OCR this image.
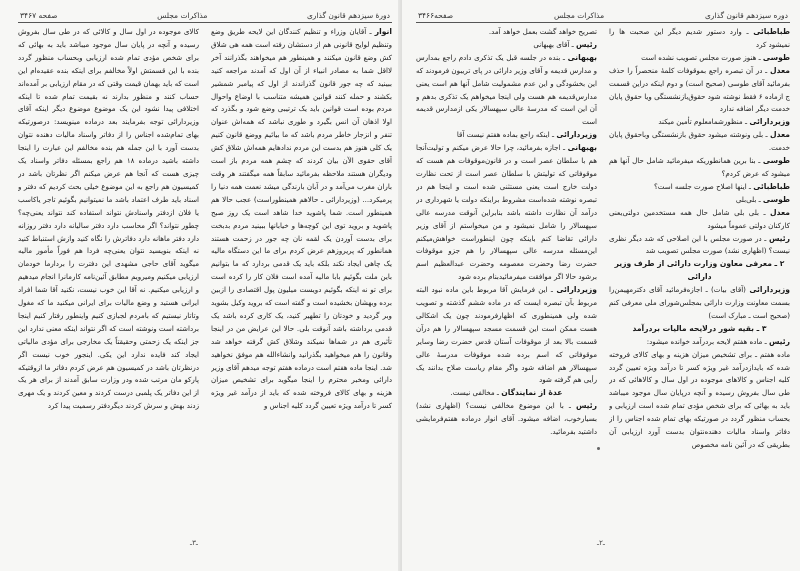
دورهٔ سیزدهم قانون گذاری
مذاکرات مجلس
صفحه ۳۴۶۷

انوار ـ آقایان وزراء و تنظیم کنندگان این لایحه طریق وضع وتنظیم لوایح قانونی هم از دستشان رفته است همه هی شلاق کش وضع قانون میکنند و همینطور هم میخواهند بگذرانند آخر لااقل شما به مصادر انبیاء از آن اول که آمدند مراجعه کنید ببینید که چه جور قانون گذراندند از اول که پیامبر شمشیر بکشند و حمله کنند قوانین همیشه متناسب با اوضاع واحوال مردم بوده است قوانین باید یک ترتیبی وضع شود و بگذرد که اولا اذهان آن انس بگیرد و طوری نباشد که همه‌اش عنوان تنفر و انزجار خاطر مردم باشد که ما بیائیم ووضع قانون کنیم یک کلی هنوز هم بدست این مردم ندادهایم همه‌اش شلاق کش آقای حقوی الآن بیان کردند که چشم همه مردم باز است ودیگران هستند ملاحظه بفرمائید سابقاً همه میگفتند هر وقت باران مغرب می‌آمد و در آبان بارندگی میشد نعمت همه دنیا را پرمیکرد... (وزیردارائی ـ حالاهم همینطوراست) عجب حالا هم همینطور است. شما پاشوید خدا شاهد است یک روز صبح پاشوید و بروید توی این کوچه‌ها و خیابانها ببینید مردم بدبخت برای بدست آوردن یک لقمه نان چه جور در زحمت هستند همانطور که پریروزهم عرض کردم برای ما این دستگاه مالیه یک چاهی ایجاد نکند بلکه باید یک قدمی بردارد که ما بتوانیم باین ملت بگوئیم بابا مالیه آمده است فلان کار را کرده است برای تو نه اینکه بگوئیم دویست میلیون پول اقتصادی را ازبین برده وبهشان بخشیده است و گفته است که بروید وکیل بشوید وبر گردید و خودتان را تطهیر کنید، یک کاری کرده باشد یک قدمی برداشته باشد آنوقت بلی. حالا این عرایض من در اینجا تأثیری هم در شماها نمیکند وشلاق کش گرفته خواهد شد وقانون را هم میخواهید بگذرانید وانشاءالله هم موفق نخواهید شد. اینجا ماده هفتم است درماده هفتم توجه میدهم آقای وزیر دارائی ومخبر محترم را اینجا میگوید برای تشخیص میزان هزینه و بهای کالای فروخته شده که باید از درآمد غیر ویژه کسر تا درآمد ویژه تعیین گردد کلیه اجناس و

کالای موجوده در اول سال و کالائی که در طی سال بفروش رسیده و آنچه در پایان سال موجود میباشد باید به بهائی که برای شخص مؤدی تمام شده ارزیابی وبحساب منظور گردد بنده با این قسمتش اولاً مخالفم برای اینکه بنده عقیده‌ام این است که باید بهمان قیمت وقتی که در مقام ارزیابی بر آمده‌اند حساب کنند و منظور بدارند نه بقیمت تمام شده تا اینکه اختلافی پیدا نشود این یک موضوع موضوع دیگر اینکه آقای وزیردارائی توجه بفرمایند بعد درماده مینویسد: درصورتیکه بهای تمام‌شده اجناس را از دفاتر واسناد مالیات دهنده نتوان بدست آورد با این جمله هم بنده مخالفم این عبارت را اینجا داشته باشید درماده ۱۸ هم راجع بمسئله دفاتر واسناد یک چیزی هست که آنجا هم عرض میکنم اگر نظرتان باشد در کمیسیون هم راجع به این موضوع خیلی بحث کردیم که دفتر و اسناد باید طرف اعتماد باشد ما نمیتوانیم بگوئیم تاجر یاکاسب یا فلان ازدفتر واسنادش نتواند استفاده کند نتواند یعنی‌چه؟ چطور نتواند؟ اگر محاسب دارد دفتر سالیانه دارد دفتر روزانه دارد دفتر ماهانه دارد دفاترش را نگاه کنید وازش استنباط کنید نه اینکه بنویسید نتوان یعنی‌چه فردا هم فوراً مأمور مالیه میگوید آقای حاجی مشهدی این دفترت را بردارما خودمان ارزیابی میکنیم ومیرویم مطابق آئین‌نامه کارمانرا انجام میدهیم و ارزیابی میکنیم. نه آقا این خوب نیست، نکنید آقا شما افراد ایرانی هستید و وضع مالیات برای ایرانی میکنید ما که مغول وتاتار نیستیم که بامردم لجبازی کنیم واینطور رفتار کنیم اینجا برداشته است ونوشته است که اگر نتواند اینکه معنی ندارد این جز اینکه یک زحمتی وحقیقتاً یک مخارجی برای مؤدی مالیاتی ایجاد کند فایده ندارد این یکی. اینجور خوب نیست اگر درنظرتان باشد در کمیسیون هم عرض کردم دفاتر ما ازوقتیکه پارکو مان مرتب شده ودر وزارت سابق آمدند از برای هر یک از این دفاتر یک پلمبی درست کردند و معین کردند و یک مهری زدند بهش و سرش کردند دیگردفتر رسمیت پیدا کرد

ـ۳ـ
دوره سیزدهم قانون گذاری
مذاکرات مجلس
صفحه۳۴۶۶

طباطبائی ـ وارد دستور شدیم دیگر این صحبت ها را نمیشود کرد

طوسی ـ هنوز صورت مجلس تصویب نشده است

معدل ـ در آن تبصره راجع بموقوفات کلمهٔ منحصراً را حذف بفرمائید آقای طوسی (صحیح است) و دوم اینکه دراین قسمت ج ازماده ۶ فقط نوشته شود حقوق‌بازنشستگی ویا حقوق پایان خدمت دیگر اضافه ندارد

وزیردارائی ـ منظورشمامعلوم تأمین میکند

معدل ـ بلی ونوشته میشود حقوق بازنشستگی وباحقوق پایان خدمت.

طوسی ـ بنا برین همانطوریکه میفرمائید شامل حال آنها هم میشود که عرض کردم؟

طباطبائی ـ اینها اصلاح صورت جلسه است؟

طوسی ـ بلی‌بلی

معدل ـ بلی بلی شامل حال همه مستخدمین دولتی‌یعنی کارکنان دولتی عموماً میشود

رئیس ـ در صورت مجلس با این اصلاحی که شد دیگر نظری نیست؟ (اظهاری نشد) صورت مجلس تصویب شد

۲ ـ معرفی معاون وزارت دارائی از طرف وزیر دارائی

وزیردارائی (آقای بیات) ـ اجازه‌فرمائید آقای دکترمهیمن‌را بسمت معاونت وزارت دارائی بمجلس‌شورای ملی معرفی کنم (صحیح است ـ مبارک است)

۳ ـ بقیه شور درلایحه مالیات بردرآمد

رئیس ـ ماده هفتم لایحه بردرآمد خوانده میشود:

ماده هفتم ـ برای تشخیص میزان هزینه و بهای کالای فروخته شده که بایدازدرآمد غیر ویژه کسر تا درآمد ویژه تعیین گردد کلیه اجناس و کالاهای موجوده در اول سال و کالاهائی که در طی سال بفروش رسیده و آنچه درپایان سال موجود میباشد باید به بهائی که برای شخص مؤدی تمام شده است ارزیابی و بحساب منظور گردد در صورتیکه بهای تمام شده اجناس را از دفاتر واسناد مالیات دهنده‌نتوان بدست آورد ارزیابی آن بطریقی که در آئین نامه مخصوص

تصریح خواهد گشت بعمل خواهد آمد.

رئیس ـ آقای بهبهانی

بهبهانی ـ بنده در جلسه قبل یک تذکری دادم راجع بمدارس و مدارس قدیمه و آقای وزیر دارائی در پای تریبون فرمودند که این بخشودگی و این عدم مشمولیت شامل آنها هم است یعنی مدارس‌قدیمه هم هست ولی اینجا میخواهم یک تذکری بدهم و آن این است که مدرسهٔ عالی سپهسالار یکی ازمدارس قدیمه است

وزیردارائی ـ اینکه راجع بماده هفتم نیست آقا

بهبهانی ـ اجازه بفرمائید، چرا حالا عرض میکنم و تولیت‌آنجا هم با سلطان عصر است و در قانون‌موقوفات هم هست که موقوفاتی که تولیتش با سلطان عصر است از تحت نظارت دولت خارج است یعنی مستثنی شده است و اینجا هم در تبصره نوشته شده‌است مشروط براینکه دولت یا شهرداری در درآمد آن نظارت داشته باشد بنابراین آنوقت مدرسه عالی سپهسالار را شامل نمیشود و من میخواستم از آقای وزیر دارائی تقاضا کنم باینکه چون اینطوراست خواهش‌میکنم این‌مسئله مدرسه عالی سپهسالار را هم جزو موقوفات حضرت رضا وحضرت معصومه وحضرت عبدالعظیم اسم برشود حالا اگر موافقت میفرمائیدبنام برده شود

وزیردارائی ـ این فرمایش آقا مربوط باین ماده نبود البته مربوط بآن تبصره ایست که در ماده ششم گذشته و تصویب شده ولی همینطوری که اظهارفرمودند چون یک اشکالی هست ممکن است این قسمت مسجد سپهسالار را هم درآن قسمت بالا بعد از موقوفات آستان قدس حضرت رضا وسایر موقوفاتی که اسم برده شده موقوفات مدرسهٔ عالی سپهسالار هم اضافه شود واگر مقام ریاست صلاح بدانند یک رأیی هم گرفته شود

عدهٔ از نمایندگان ـ مخالفی نیست.

رئیس ـ با این موضوع مخالفی نیست؟ (اظهاری نشد) بسیارخوب، اضافه میشود. آقای انوار درماده هفتم‌فرمایشی داشتید بفرمائید.

ـ۲ـ
